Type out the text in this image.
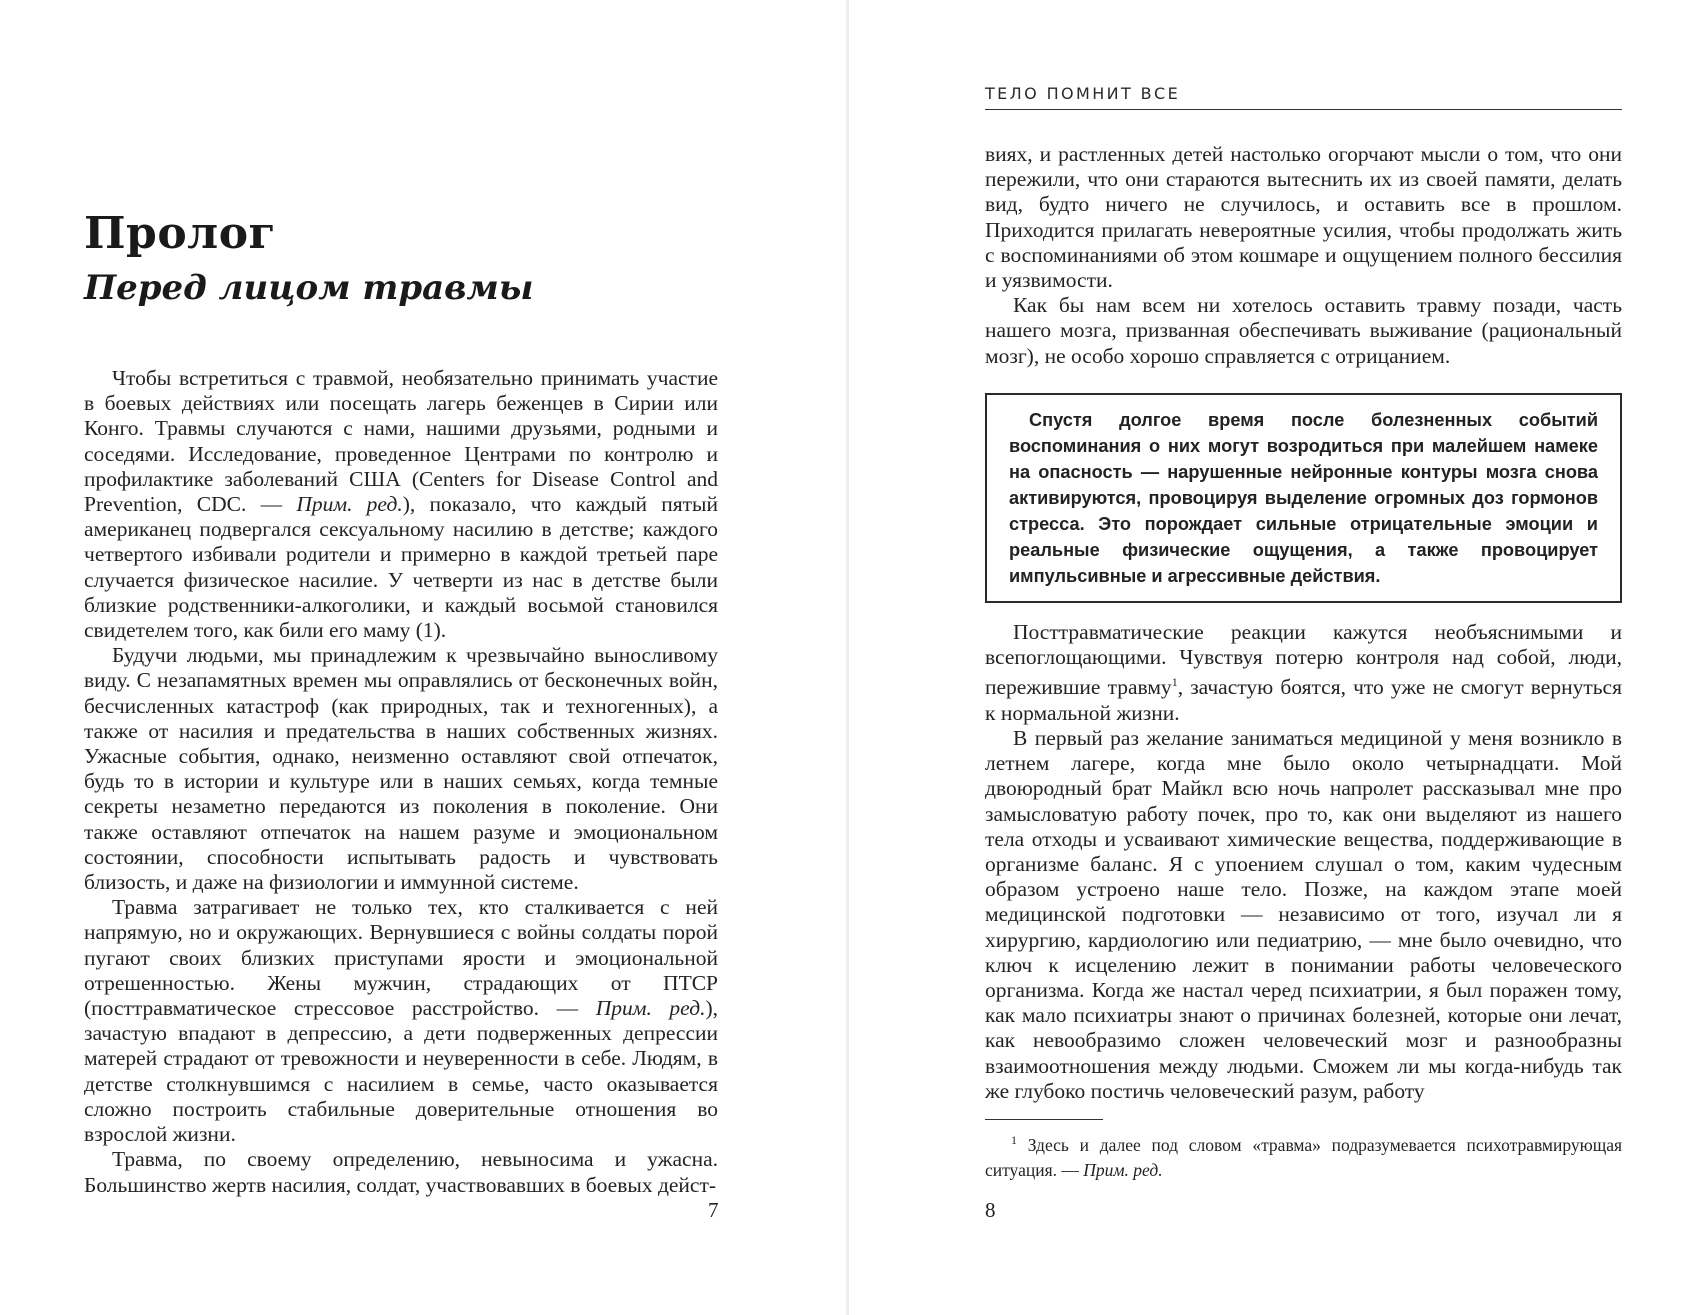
Пролог
Перед лицом травмы

Чтобы встретиться с травмой, необязательно принимать участие в боевых действиях или посещать лагерь беженцев в Сирии или Конго. Травмы случаются с нами, нашими друзьями, родными и соседями. Исследование, проведенное Центрами по контролю и профилактике заболеваний США (Centers for Disease Control and Prevention, CDC. — Прим. ред.), показало, что каждый пятый американец подвергался сексуальному насилию в детстве; каждого четвертого избивали родители и примерно в каждой третьей паре случается физическое насилие. У четверти из нас в детстве были близкие родственники-алкоголики, и каждый восьмой становился свидетелем того, как били его маму (1).

Будучи людьми, мы принадлежим к чрезвычайно выносливому виду. С незапамятных времен мы оправлялись от бесконечных войн, бесчисленных катастроф (как природных, так и техногенных), а также от насилия и предательства в наших собственных жизнях. Ужасные события, однако, неизменно оставляют свой отпечаток, будь то в истории и культуре или в наших семьях, когда темные секреты незаметно передаются из поколения в поколение. Они также оставляют отпечаток на нашем разуме и эмоциональном состоянии, способности испытывать радость и чувствовать близость, и даже на физиологии и иммунной системе.

Травма затрагивает не только тех, кто сталкивается с ней напрямую, но и окружающих. Вернувшиеся с войны солдаты порой пугают своих близких приступами ярости и эмоциональной отрешенностью. Жены мужчин, страдающих от ПТСР (посттравматическое стрессовое расстройство. — Прим. ред.), зачастую впадают в депрессию, а дети подверженных депрессии матерей страдают от тревожности и неуверенности в себе. Людям, в детстве столкнувшимся с насилием в семье, часто оказывается сложно построить стабильные доверительные отношения во взрослой жизни.

Травма, по своему определению, невыносима и ужасна. Большинство жертв насилия, солдат, участвовавших в боевых дейст-

7
ТЕЛО ПОМНИТ ВСЕ

виях, и растленных детей настолько огорчают мысли о том, что они пережили, что они стараются вытеснить их из своей памяти, делать вид, будто ничего не случилось, и оставить все в прошлом. Приходится прилагать невероятные усилия, чтобы продолжать жить с воспоминаниями об этом кошмаре и ощущением полного бессилия и уязвимости.

Как бы нам всем ни хотелось оставить травму позади, часть нашего мозга, призванная обеспечивать выживание (рациональный мозг), не особо хорошо справляется с отрицанием.

Спустя долгое время после болезненных событий воспоминания о них могут возродиться при малейшем намеке на опасность — нарушенные нейронные контуры мозга снова активируются, провоцируя выделение огромных доз гормонов стресса. Это порождает сильные отрицательные эмоции и реальные физические ощущения, а также провоцирует импульсивные и агрессивные действия.

Посттравматические реакции кажутся необъяснимыми и всепоглощающими. Чувствуя потерю контроля над собой, люди, пережившие травму$^1$, зачастую боятся, что уже не смогут вернуться к нормальной жизни.

В первый раз желание заниматься медициной у меня возникло в летнем лагере, когда мне было около четырнадцати. Мой двоюродный брат Майкл всю ночь напролет рассказывал мне про замысловатую работу почек, про то, как они выделяют из нашего тела отходы и усваивают химические вещества, поддерживающие в организме баланс. Я с упоением слушал о том, каким чудесным образом устроено наше тело. Позже, на каждом этапе моей медицинской подготовки — независимо от того, изучал ли я хирургию, кардиологию или педиатрию, — мне было очевидно, что ключ к исцелению лежит в понимании работы человеческого организма. Когда же настал черед психиатрии, я был поражен тому, как мало психиатры знают о причинах болезней, которые они лечат, как невообразимо сложен человеческий мозг и разнообразны взаимоотношения между людьми. Сможем ли мы когда-нибудь так же глубоко постичь человеческий разум, работу

$^1$ Здесь и далее под словом «травма» подразумевается психотравмирующая ситуация. — Прим. ред.

8
